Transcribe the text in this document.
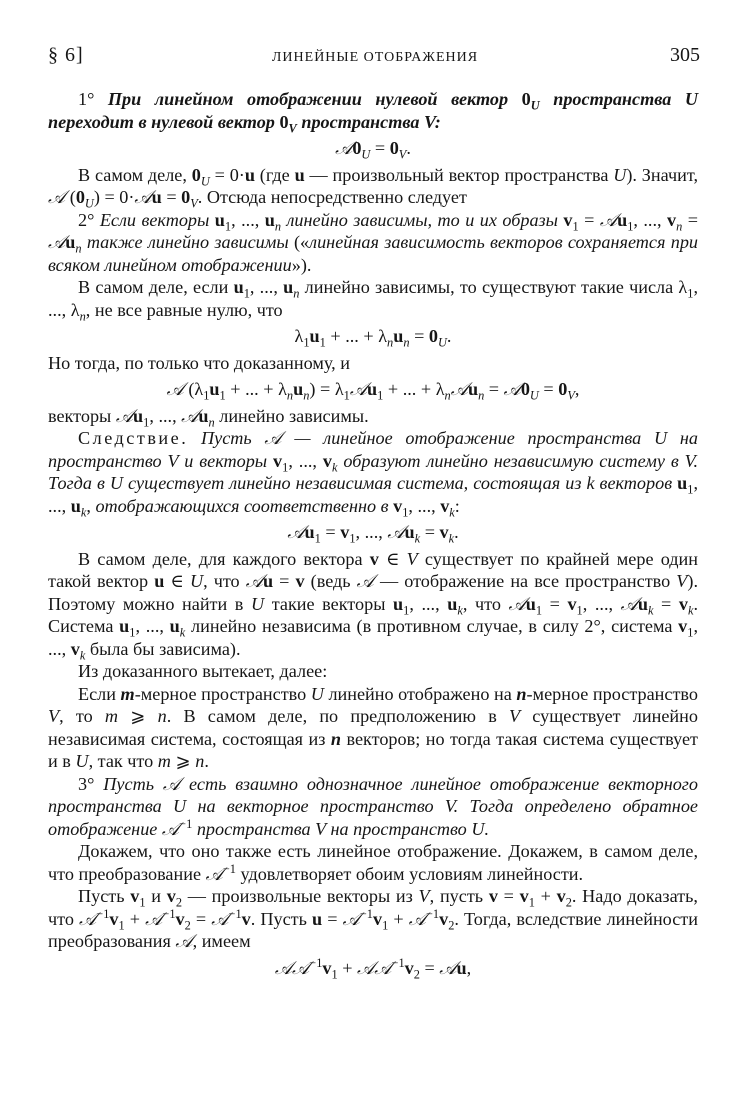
§ 6]	ЛИНЕЙНЫЕ ОТОБРАЖЕНИЯ	305

1° При линейном отображении нулевой вектор $0_U$ пространства U переходит в нулевой вектор $0_V$ пространства V:

$𝒜0_U = 0_V$.

В самом деле, $0_U = 0\cdot u$ (где u — произвольный вектор пространства U). Значит, 𝒜 $(0_U)$ = 0·𝒜u = $0_V$. Отсюда непосредственно следует

2° Если векторы $u_1$, ..., $u_n$ линейно зависимы, то и их образы $v_1$ = 𝒜u$_1$, ..., $v_n$ = 𝒜u$_n$ также линейно зависимы («линейная зависимость векторов сохраняется при всяком линейном отображении»).

В самом деле, если $u_1$, ..., $u_n$ линейно зависимы, то существуют такие числа $\lambda_1$, ..., $\lambda_n$, не все равные нулю, что

$\lambda_1u_1$ + ... + $\lambda_nu_n = 0_U$.

Но тогда, по только что доказанному, и

𝒜 ($\lambda_1u_1$ + ... + $\lambda_nu_n$) = $\lambda_1𝒜u_1$ + ... + $\lambda_n𝒜u_n$ = $𝒜0_U = 0_V$,

векторы 𝒜u$_1$, ..., 𝒜u$_n$ линейно зависимы.

Следствие. Пусть 𝒜 — линейное отображение пространства U на пространство V и векторы $v_1$, ..., $v_k$ образуют линейно независимую систему в V. Тогда в U существует линейно независимая система, состоящая из k векторов $u_1$, ..., $u_k$, отображающихся соответственно в $v_1$, ..., $v_k$:

𝒜u$_1$ = $v_1$, ..., 𝒜u$_k$ = $v_k$.

В самом деле, для каждого вектора v ∈ V существует по крайней мере один такой вектор u ∈ U, что 𝒜u = v (ведь 𝒜 — отображение на все пространство V). Поэтому можно найти в U такие векторы $u_1$, ..., $u_k$, что 𝒜u$_1$ = $v_1$, ..., 𝒜u$_k$ = $v_k$. Система $u_1$, ..., $u_k$ линейно независима (в противном случае, в силу 2°, система $v_1$, ..., $v_k$ была бы зависима).

Из доказанного вытекает, далее:

Если m-мерное пространство U линейно отображено на n-мерное пространство V, то m ⩾ n. В самом деле, по предположению в V существует линейно независимая система, состоящая из n векторов; но тогда такая система существует и в U, так что m ⩾ n.

3° Пусть 𝒜 есть взаимно однозначное линейное отображение векторного пространства U на векторное пространство V. Тогда определено обратное отображение 𝒜$^{-1}$ пространства V на пространство U.

Докажем, что оно также есть линейное отображение. Докажем, в самом деле, что преобразование 𝒜$^{-1}$ удовлетворяет обоим условиям линейности.

Пусть $v_1$ и $v_2$ — произвольные векторы из V, пусть $v = v_1 + v_2$. Надо доказать, что $𝒜^{-1}v_1$ + $𝒜^{-1}v_2$ = 𝒜$^{-1}$v. Пусть $u = 𝒜^{-1}v_1$ + $𝒜^{-1}v_2$. Тогда, вследствие линейности преобразования 𝒜, имеем

$𝒜𝒜^{-1}v_1$ + $𝒜𝒜^{-1}v_2$ = 𝒜u,
